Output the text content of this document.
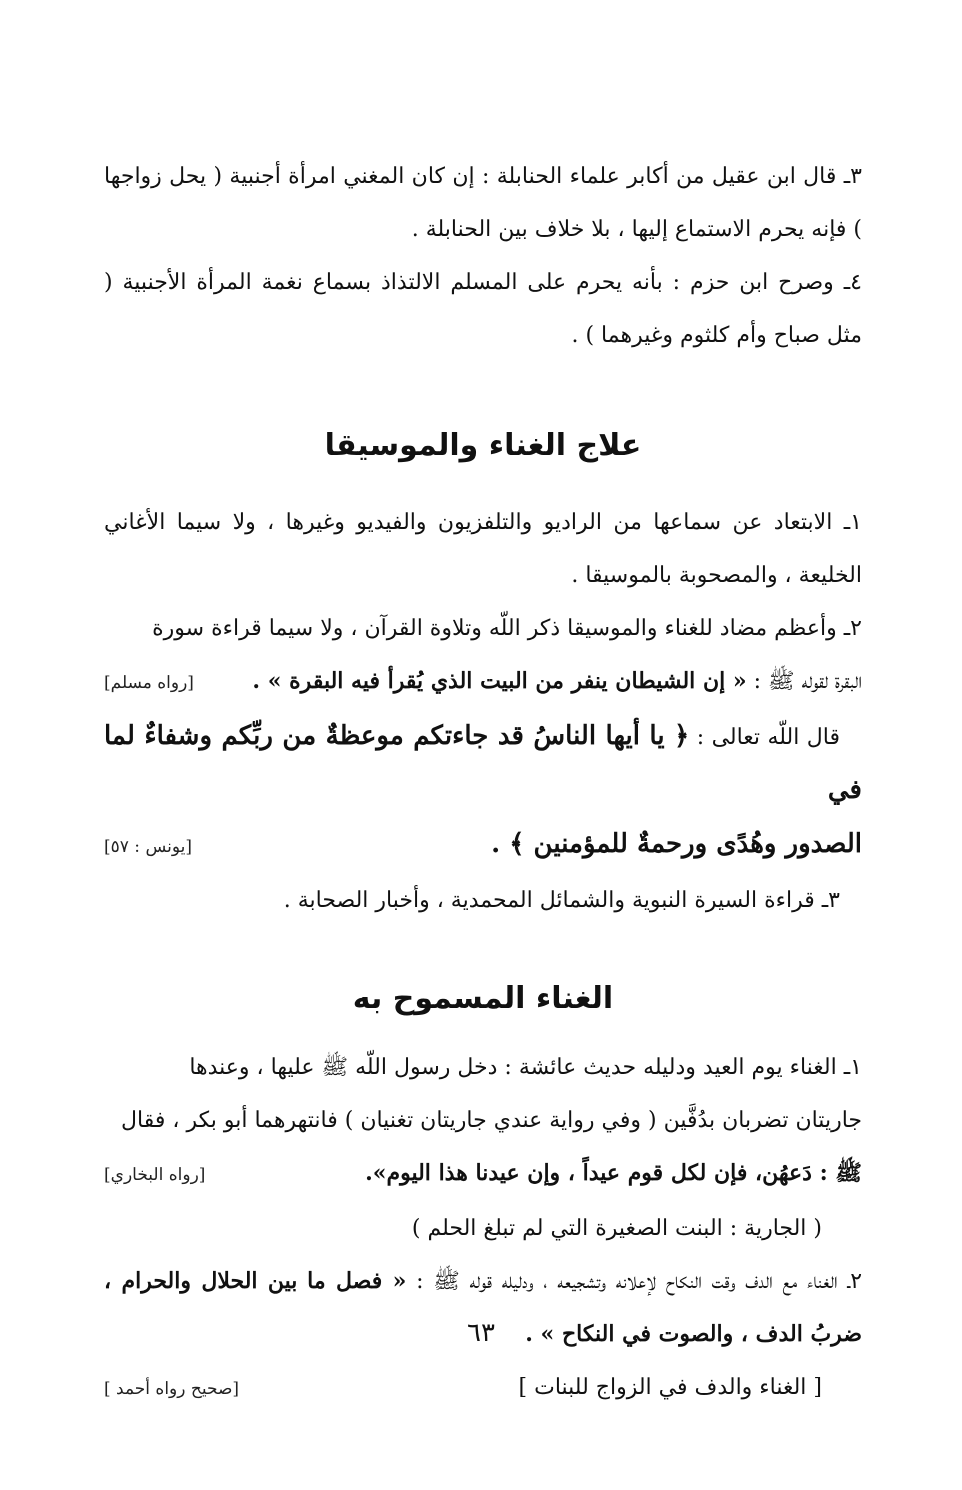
٣ـ قال ابن عقيل من أكابر علماء الحنابلة : إن كان المغني امرأة أجنبية ( يحل زواجها ) فإنه يحرم الاستماع إليها ، بلا خلاف بين الحنابلة .

٤ـ وصرح ابن حزم : بأنه يحرم على المسلم الالتذاذ بسماع نغمة المرأة الأجنبية ( مثل صباح وأم كلثوم وغيرهما ) .

علاج الغناء والموسيقا

١ـ الابتعاد عن سماعها من الراديو والتلفزيون والفيديو وغيرها ، ولا سيما الأغاني الخليعة ، والمصحوبة بالموسيقا .

٢ـ وأعظم مضاد للغناء والموسيقا ذكر اللّه وتلاوة القرآن ، ولا سيما قراءة سورة

البقرة لقوله ﷺ : « إن الشيطان ينفر من البيت الذي يُقرأ فيه البقرة » .
[رواه مسلم]
قال اللّه تعالى : ﴿ يا أيها الناسُ قد جاءتكم موعظةٌ من ربِّكم وشفاءٌ لما في
الصدور وهُدًى ورحمةٌ للمؤمنين ﴾ .
[يونس : ٥٧]

٣ـ قراءة السيرة النبوية والشمائل المحمدية ، وأخبار الصحابة .

الغناء المسموح به

١ـ الغناء يوم العيد ودليله حديث عائشة : دخل رسول اللّه ﷺ عليها ، وعندها

جاريتان تضربان بدُفَّين ( وفي رواية عندي جاريتان تغنيان ) فانتهرهما أبو بكر ، فقال

ﷺ : دَعهُن، فإن لكل قوم عيداً ، وإن عيدنا هذا اليوم».
[رواه البخاري]

( الجارية : البنت الصغيرة التي لم تبلغ الحلم )

٢ـ الغناء مع الدف وقت النكاح لإعلانه وتشجيعه ، ودليله قوله ﷺ : « فصل ما بين الحلال والحرام ، ضربُ الدف ، والصوت في النكاح » .
[ الغناء والدف في الزواج للبنات ]
[صحيح رواه أحمد ]
٦٣
